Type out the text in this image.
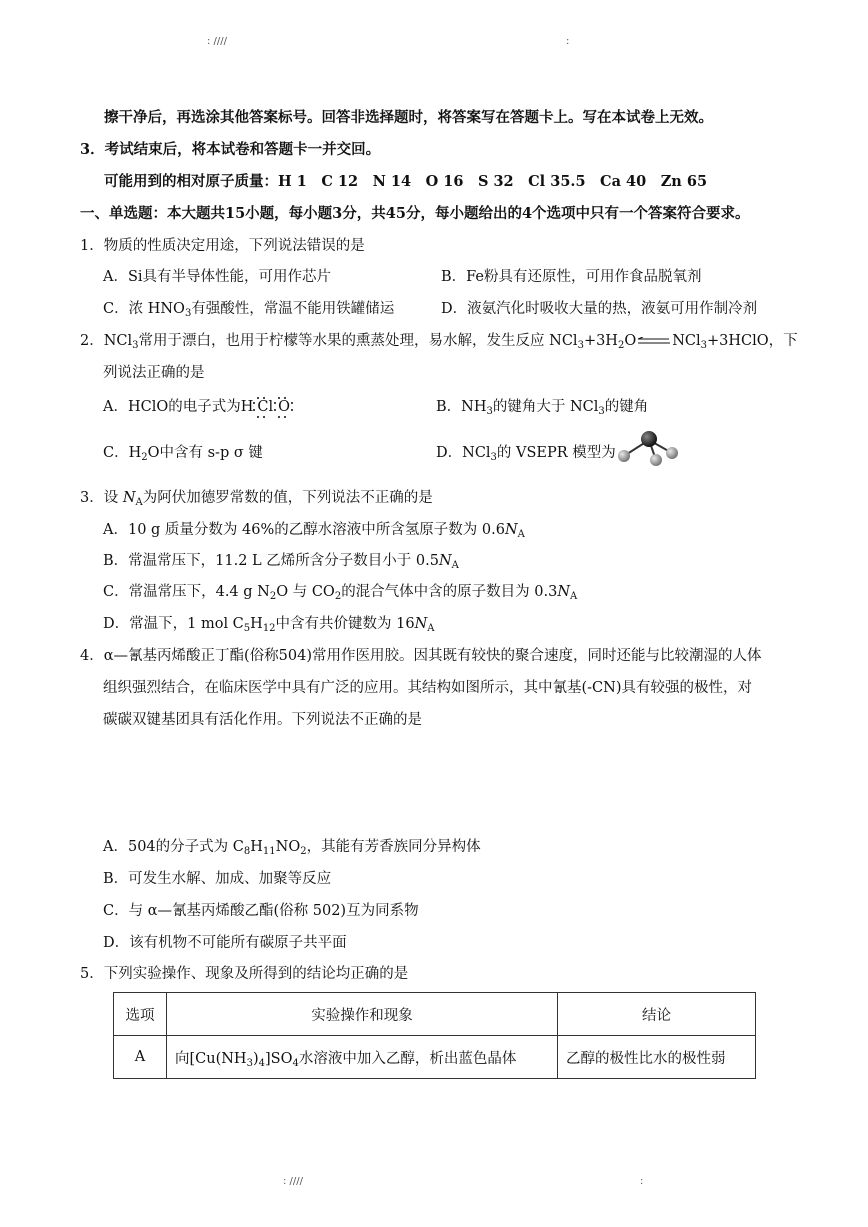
: ////	:
擦干净后，再选涂其他答案标号。回答非选择题时，将答案写在答题卡上。写在本试卷上无效。
3．考试结束后，将本试卷和答题卡一并交回。
可能用到的相对原子质量：H 1　C 12　N 14　O 16　S 32　Cl 35.5　Ca 40　Zn 65
一、单选题：本大题共15小题，每小题3分，共45分，每小题给出的4个选项中只有一个答案符合要求。
1．物质的性质决定用途，下列说法错误的是
A．Si具有半导体性能，可用作芯片	B．Fe粉具有还原性，可用作食品脱氧剂
C．浓 $HNO_3$有强酸性，常温不能用铁罐储运	D．液氨汽化时吸收大量的热，液氨可用作制冷剂
2．NCl$_3$常用于漂白，也用于柠檬等水果的熏蒸处理，易水解，发生反应 $NCl_3+3H_2O$ NCl$_3$+3HClO，下
列说法正确的是
A．HClO的电子式为H Cl O	B．$NH_3$的键角大于 NCl$_3$的键角
C．$H_2O$中含有 s-p σ 键	D．NCl$_3$的 VSEPR 模型为
3．设 $N_A$为阿伏加德罗常数的值，下列说法不正确的是
A．10 g 质量分数为 46%的乙醇水溶液中所含氢原子数为 $0.6N_A$
B．常温常压下，11.2 L 乙烯所含分子数目小于 $0.5N_A$
C．常温常压下，4.4 g $N_2O$ 与 $CO_2$的混合气体中含的原子数目为 $0.3N_A$
D．常温下，1 mol $C_5H_{12}$中含有共价键数为 $16N_A$
4．α—氰基丙烯酸正丁酯(俗称504)常用作医用胶。因其既有较快的聚合速度，同时还能与比较潮湿的人体
组织强烈结合，在临床医学中具有广泛的应用。其结构如图所示，其中氰基(-CN)具有较强的极性，对
碳碳双键基团具有活化作用。下列说法不正确的是
A．504的分子式为 $C_8H_{11}NO_2$，其能有芳香族同分异构体
B．可发生水解、加成、加聚等反应
C．与 α—氰基丙烯酸乙酯(俗称 502)互为同系物
D．该有机物不可能所有碳原子共平面
5．下列实验操作、现象及所得到的结论均正确的是
选项	实验操作和现象	结论
A	向$[Cu(NH_3)_4]SO_4$水溶液中加入乙醇，析出蓝色晶体	乙醇的极性比水的极性弱
: ////	:
